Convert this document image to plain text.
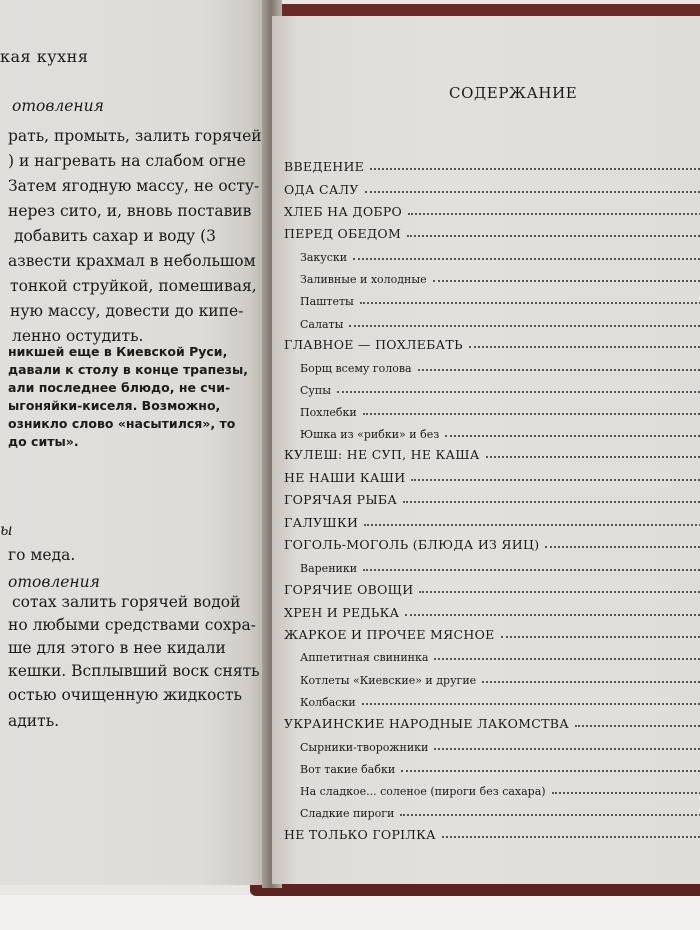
кая кухня
отовления
рать, промыть, залить горячей
) и нагревать на слабом огне
Затем ягодную массу, не осту-
нерез сито, и, вновь поставив
добавить сахар и воду (3
азвести крахмал в небольшом
тонкой струйкой, помешивая,
ную массу, довести до кипе-
ленно остудить.
никшей еще в Киевской Руси,
давали к столу в конце трапезы,
али последнее блюдо, не счи-
ыгоняйки-киселя. Возможно,
озникло слово «насытился», то
до ситы».
ы
го меда.
отовления
сотах залить горячей водой
но любыми средствами сохра-
ше для этого в нее кидали
кешки. Всплывший воск снять
остью очищенную жидкость
адить.
СОДЕРЖАНИЕ
ВВЕДЕНИЕ
ОДА САЛУ
ХЛЕБ НА ДОБРО
ПЕРЕД ОБЕДОМ
Закуски
Заливные и холодные
Паштеты
Салаты
ГЛАВНОЕ — ПОХЛЕБАТЬ
Борщ всему голова
Супы
Похлебки
Юшка из «рибки» и без
КУЛЕШ: НЕ СУП, НЕ КАША
НЕ НАШИ КАШИ
ГОРЯЧАЯ РЫБА
ГАЛУШКИ
ГОГОЛЬ-МОГОЛЬ (БЛЮДА ИЗ ЯИЦ)
Вареники
ГОРЯЧИЕ ОВОЩИ
ХРЕН И РЕДЬКА
ЖАРКОЕ И ПРОЧЕЕ МЯСНОЕ
Аппетитная свининка
Котлеты «Киевские» и другие
Колбаски
УКРАИНСКИЕ НАРОДНЫЕ ЛАКОМСТВА
Сырники-творожники
Вот такие бабки
На сладкое... соленое (пироги без сахара)
Сладкие пироги
НЕ ТОЛЬКО ГОРІЛКА
